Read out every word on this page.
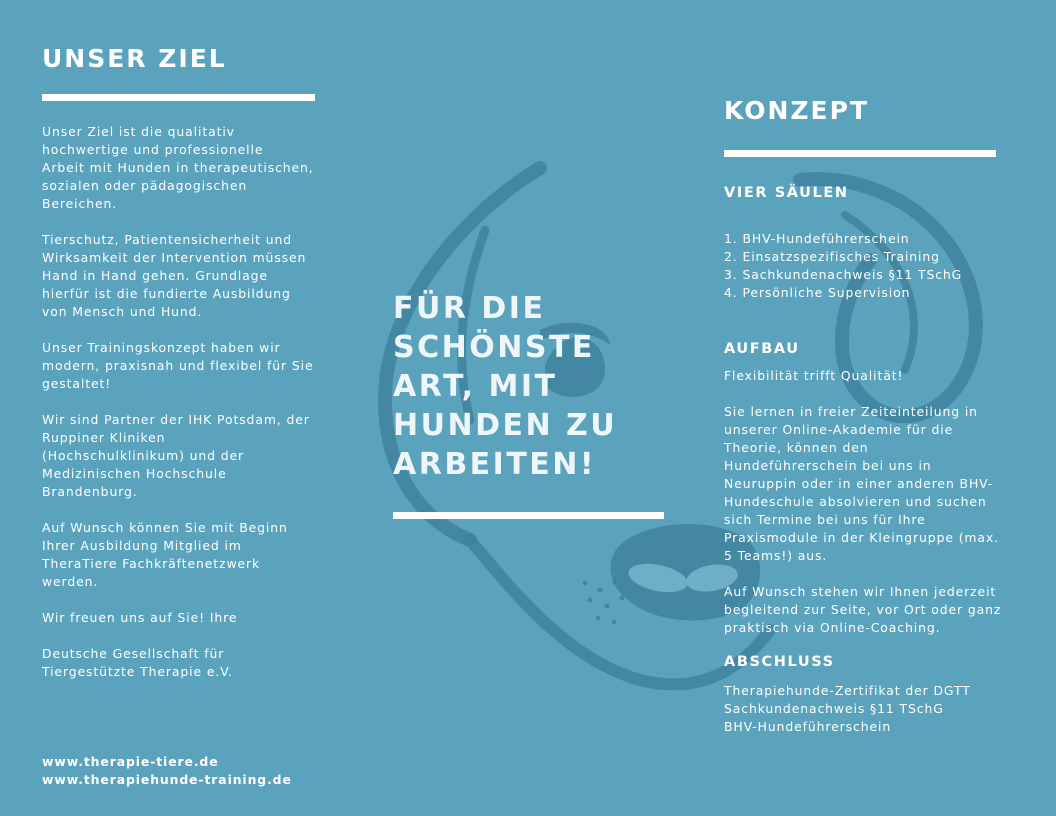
UNSER ZIEL

Unser Ziel ist die qualitativ
hochwertige und professionelle
Arbeit mit Hunden in therapeutischen,
sozialen oder pädagogischen
Bereichen.

Tierschutz, Patientensicherheit und
Wirksamkeit der Intervention müssen
Hand in Hand gehen. Grundlage
hierfür ist die fundierte Ausbildung
von Mensch und Hund.

Unser Trainingskonzept haben wir
modern, praxisnah und flexibel für Sie
gestaltet!

Wir sind Partner der IHK Potsdam, der
Ruppiner Kliniken
(Hochschulklinikum) und der
Medizinischen Hochschule
Brandenburg.

Auf Wunsch können Sie mit Beginn
Ihrer Ausbildung Mitglied im
TheraTiere Fachkräftenetzwerk
werden.

Wir freuen uns auf Sie! Ihre

Deutsche Gesellschaft für
Tiergestützte Therapie e.V.

www.therapie-tiere.de
www.therapiehunde-training.de
FÜR DIE
SCHÖNSTE
ART, MIT
HUNDEN ZU
ARBEITEN!
KONZEPT
VIER SÄULEN
1. BHV-Hundeführerschein
2. Einsatzspezifisches Training
3. Sachkundenachweis §11 TSchG
4. Persönliche Supervision
AUFBAU
Flexibilität trifft Qualität!
Sie lernen in freier Zeiteinteilung in
unserer Online-Akademie für die
Theorie, können den
Hundeführerschein bei uns in
Neuruppin oder in einer anderen BHV-
Hundeschule absolvieren und suchen
sich Termine bei uns für Ihre
Praxismodule in der Kleingruppe (max.
5 Teams!) aus.
Auf Wunsch stehen wir Ihnen jederzeit
begleitend zur Seite, vor Ort oder ganz
praktisch via Online-Coaching.
ABSCHLUSS
Therapiehunde-Zertifikat der DGTT
Sachkundenachweis §11 TSchG
BHV-Hundeführerschein
